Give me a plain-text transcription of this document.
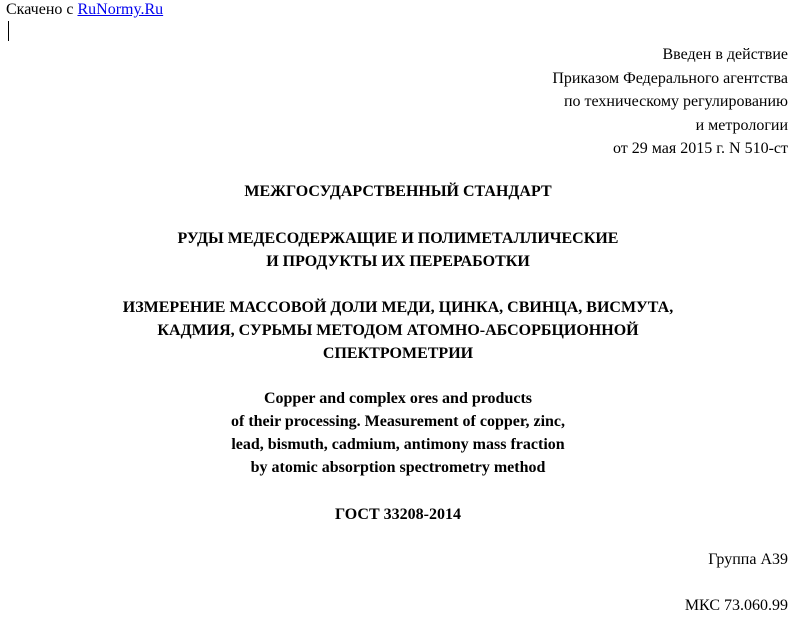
Скачено с RuNormy.Ru
Введен в действие
Приказом Федерального агентства
по техническому регулированию
и метрологии
от 29 мая 2015 г. N 510-ст
МЕЖГОСУДАРСТВЕННЫЙ СТАНДАРТ
РУДЫ МЕДЕСОДЕРЖАЩИЕ И ПОЛИМЕТАЛЛИЧЕСКИЕ
И ПРОДУКТЫ ИХ ПЕРЕРАБОТКИ
ИЗМЕРЕНИЕ МАССОВОЙ ДОЛИ МЕДИ, ЦИНКА, СВИНЦА, ВИСМУТА,
КАДМИЯ, СУРЬМЫ МЕТОДОМ АТОМНО-АБСОРБЦИОННОЙ
СПЕКТРОМЕТРИИ
Copper and complex ores and products
of their processing. Measurement of copper, zinc,
lead, bismuth, cadmium, antimony mass fraction
by atomic absorption spectrometry method
ГОСТ 33208-2014
Группа А39
МКС 73.060.99
